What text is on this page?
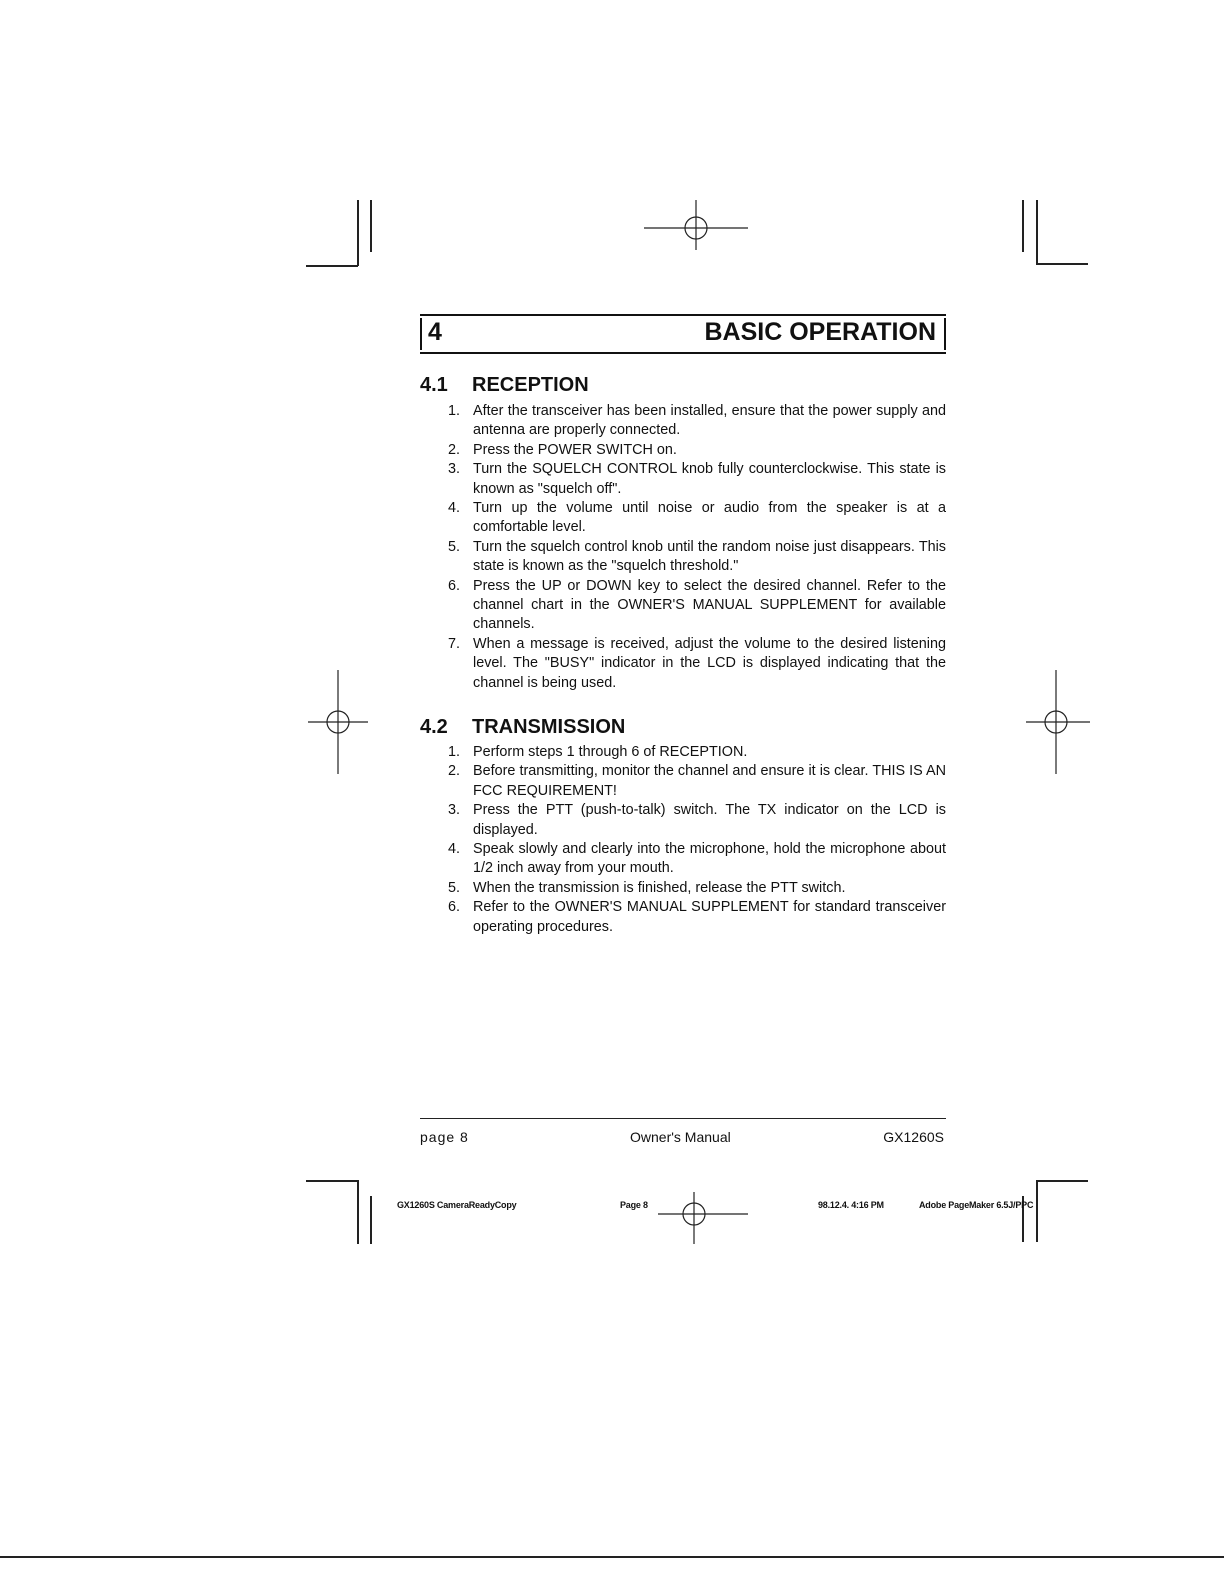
4	BASIC OPERATION
4.1 RECEPTION
1. After the transceiver has been installed, ensure that the power supply and antenna are properly connected.
2. Press the POWER SWITCH on.
3. Turn the SQUELCH CONTROL knob fully counterclockwise. This state is known as "squelch off".
4. Turn up the volume until noise or audio from the speaker is at a comfortable level.
5. Turn the squelch control knob until the random noise just disappears. This state is known as the "squelch threshold."
6. Press the UP or DOWN key to select the desired channel. Refer to the channel chart in the OWNER'S MANUAL SUPPLEMENT for available channels.
7. When a message is received, adjust the volume to the desired listening level. The "BUSY" indicator in the LCD is displayed indicating that the channel is being used.
4.2 TRANSMISSION
1. Perform steps 1 through 6 of RECEPTION.
2. Before transmitting, monitor the channel and ensure it is clear. THIS IS AN FCC REQUIREMENT!
3. Press the PTT (push-to-talk) switch. The TX indicator on the LCD is displayed.
4. Speak slowly and clearly into the microphone, hold the microphone about 1/2 inch away from your mouth.
5. When the transmission is finished, release the PTT switch.
6. Refer to the OWNER'S MANUAL SUPPLEMENT for standard transceiver operating procedures.
page 8	Owner's Manual	GX1260S
GX1260S CameraReadyCopy	Page 8	98.12.4. 4:16 PM	Adobe PageMaker 6.5J/PPC
